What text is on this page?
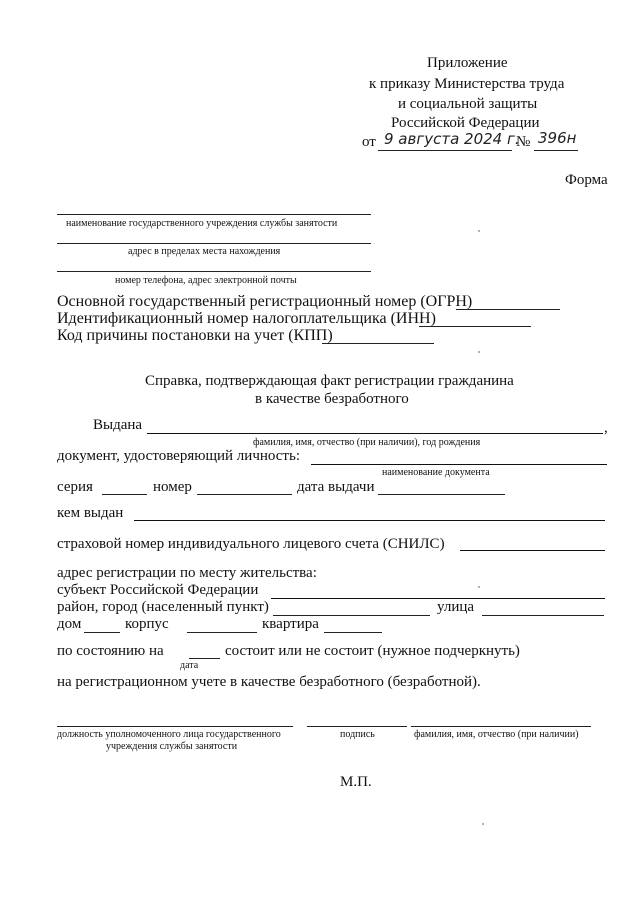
Приложение
к приказу Министерства труда
и социальной защиты
Российской Федерации
от 9 августа 2024 г.
№ 396н
Форма
наименование государственного учреждения службы занятости
адрес в пределах места нахождения
номер телефона, адрес электронной почты
Основной государственный регистрационный номер (ОГРН)
Идентификационный номер налогоплательщика (ИНН)
Код причины постановки на учет (КПП)
Справка, подтверждающая факт регистрации гражданина
в качестве безработного
Выдана	,
фамилия, имя, отчество (при наличии), год рождения
документ, удостоверяющий личность:
наименование документа
серия	номер	дата выдачи
кем выдан
страховой номер индивидуального лицевого счета (СНИЛС)
адрес регистрации по месту жительства:
субъект Российской Федерации
район, город (населенный пункт)	улица
дом	корпус	квартира
по состоянию на	состоит или не состоит (нужное подчеркнуть)
дата
на регистрационном учете в качестве безработного (безработной).
должность уполномоченного лица государственного
учреждения службы занятости
подпись	фамилия, имя, отчество (при наличии)
М.П.
